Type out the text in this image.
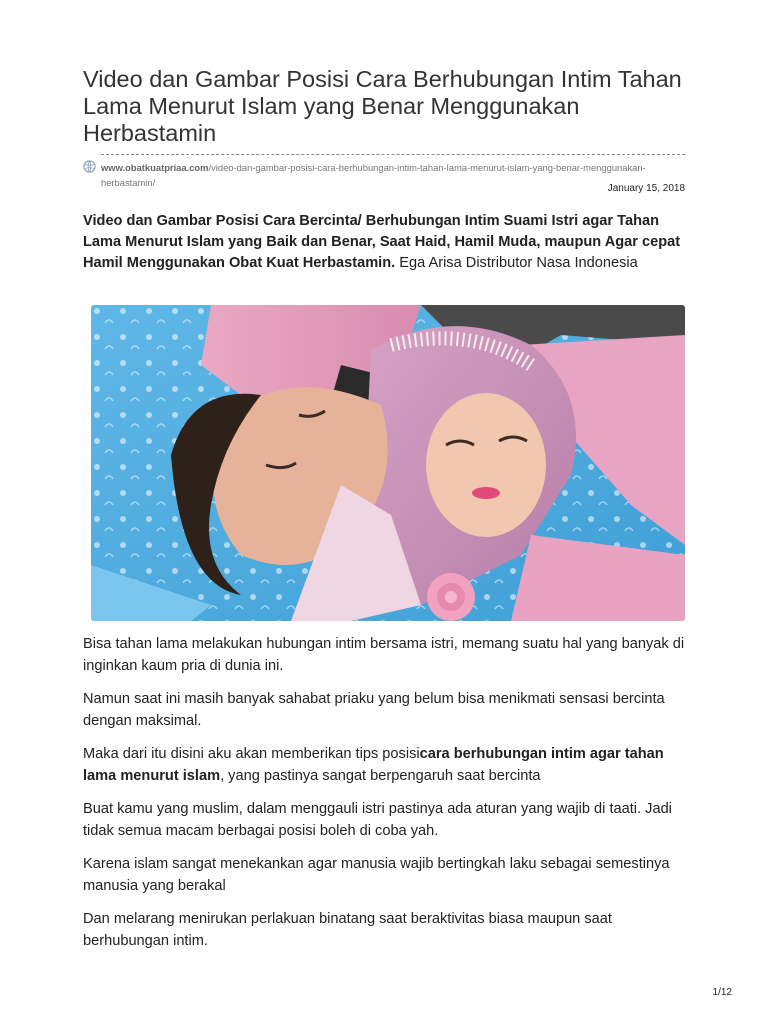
Video dan Gambar Posisi Cara Berhubungan Intim Tahan Lama Menurut Islam yang Benar Menggunakan Herbastamin
www.obatkuatpriaa.com/video-dan-gambar-posisi-cara-berhubungan-intim-tahan-lama-menurut-islam-yang-benar-menggunakan-herbastamin/
January 15, 2018
Video dan Gambar Posisi Cara Bercinta/ Berhubungan Intim Suami Istri agar Tahan Lama Menurut Islam yang Baik dan Benar, Saat Haid, Hamil Muda, maupun Agar cepat Hamil Menggunakan Obat Kuat Herbastamin. Ega Arisa Distributor Nasa Indonesia

Bisa tahan lama melakukan hubungan intim bersama istri, memang suatu hal yang banyak di inginkan kaum pria di dunia ini.

Namun saat ini masih banyak sahabat priaku yang belum bisa menikmati sensasi bercinta dengan maksimal.

Maka dari itu disini aku akan memberikan tips posisicara berhubungan intim agar tahan lama menurut islam, yang pastinya sangat berpengaruh saat bercinta

Buat kamu yang muslim, dalam menggauli istri pastinya ada aturan yang wajib di taati. Jadi tidak semua macam berbagai posisi boleh di coba yah.

Karena islam sangat menekankan agar manusia wajib bertingkah laku sebagai semestinya manusia yang berakal

Dan melarang menirukan perlakuan binatang saat beraktivitas biasa maupun saat berhubungan intim.

1/12
